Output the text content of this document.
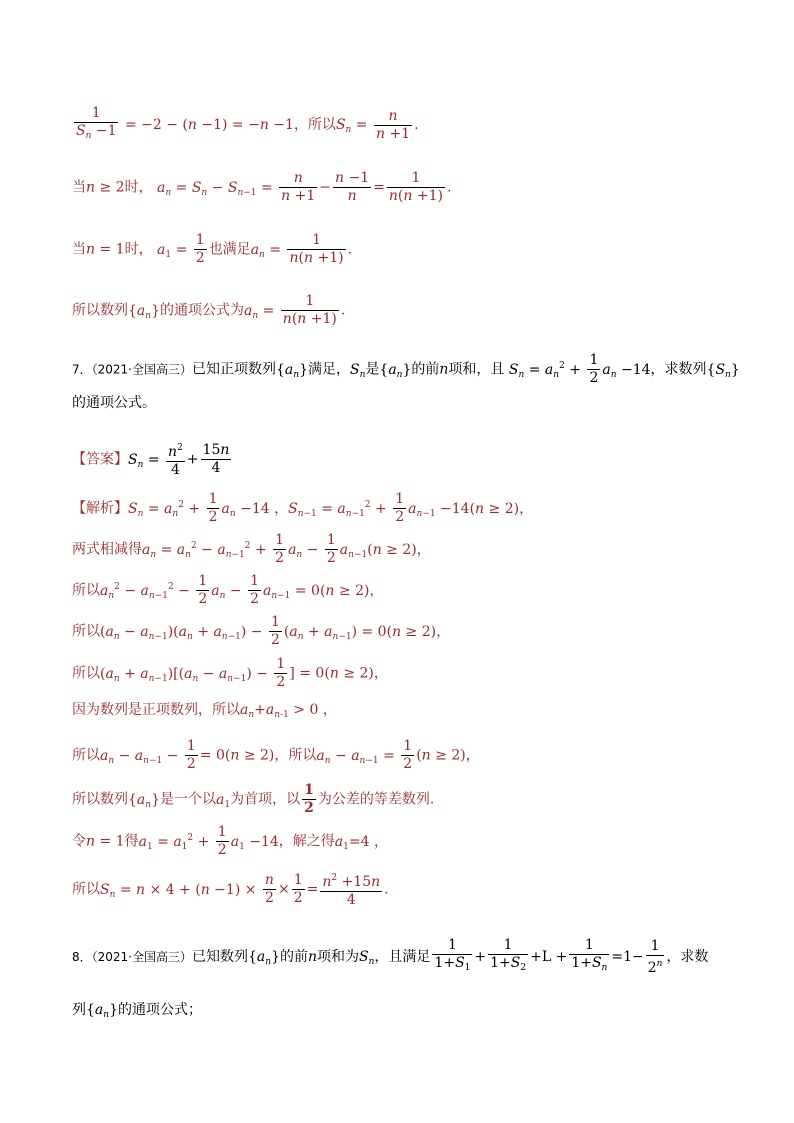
$\frac{1}{S_n -1} = -2 - (n -1) = -n -1$，所以$S_n = \frac{n}{n +1}$ .
当n ≥ 2时， $a_n = S_n - S_{n-1} = \frac{n}{n +1} - \frac{n -1}{n} = \frac{1}{n(n +1)}$ .
当n = 1时， $a_1 = \frac{1}{2}$ 也满足$a_n = \frac{1}{n(n +1)}$ .
所以数列$\{a_n\}$的通项公式为$a_n = \frac{1}{n(n +1)}$ .
7．（2021·全国高三）已知正项数列$\{a_n\}$满足，$S_n$是$\{a_n\}$的前n项和，且 $S_n = a_n^2 + \frac{1}{2} a_n -14$，求数列$\{S_n\}$
的通项公式。
【答案】$S_n = \frac{n^2}{4} + \frac{15n}{4}$
【解析】$S_n = a_n^2 + \frac{1}{2} a_n -14$ ，$S_{n-1} = a_{n-1}^2 + \frac{1}{2} a_{n-1} -14(n \ge 2)$，
两式相减得$a_n = a_n^2 - a_{n-1}^2 + \frac{1}{2} a_n - \frac{1}{2} a_{n-1}(n \ge 2)$，
所以$a_n^2 - a_{n-1}^2 - \frac{1}{2} a_n - \frac{1}{2} a_{n-1} = 0(n \ge 2)$，
所以$(a_n - a_{n-1})(a_n + a_{n-1}) - \frac{1}{2} (a_n + a_{n-1}) = 0(n \ge 2)$，
所以$(a_n + a_{n-1})[(a_n - a_{n-1}) - \frac{1}{2}$ ] = 0(n ≥ 2)，
因为数列是正项数列，所以$a_n+a_{n-1} > 0$ ，
所以$a_n - a_{n-1} - \frac{1}{2} = 0(n \ge 2)$，所以$a_n - a_{n-1} = \frac{1}{2} (n \ge 2)$，
所以数列$\{a_n\}$是一个以$a_1$为首项，以 $\frac{1}{2}$ 为公差的等差数列.
令n = 1得$a_1 = a_1^2 + \frac{1}{2} a_1 -14$，解之得$a_1=4$ ，
所以$S_n = n \times 4 + (n -1) \times \frac{n}{2} \times \frac{1}{2} = \frac{n^2 +15n}{4}$ .
8．（2021·全国高三）已知数列$\{a_n\}$的前n项和为$S_n$，且满足 $\frac{1}{1+S_1} + \frac{1}{1+S_2} +L + \frac{1}{1+S_n} =1- \frac{1}{2^n}$ ，求数
列$\{a_n\}$的通项公式；
